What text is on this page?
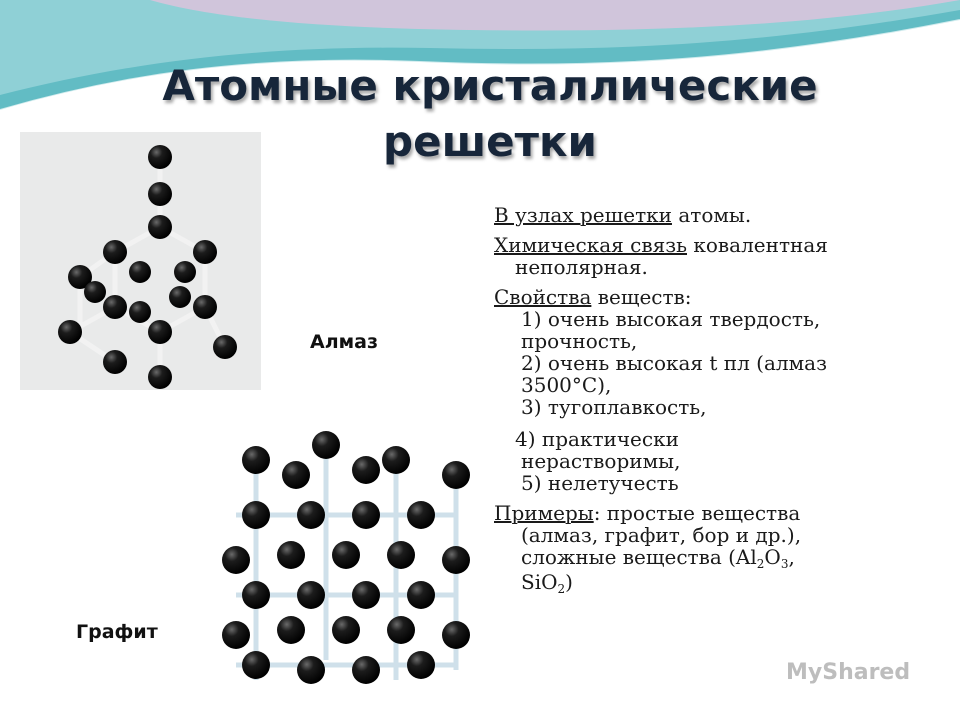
Атомные кристаллические
решетки
Алмаз
Графит

В узлах решетки атомы.

Химическая связь ковалентная
неполярная.

Свойства веществ:
1) очень высокая твердость,
прочность,
2) очень высокая t пл (алмаз
3500°С),
3) тугоплавкость,
4) практически
нерастворимы,
5) нелетучесть

Примеры: простые вещества
(алмаз, графит, бор и др.),
сложные вещества ($Al_2O_3$,
SiO$_2$)

MyShared
